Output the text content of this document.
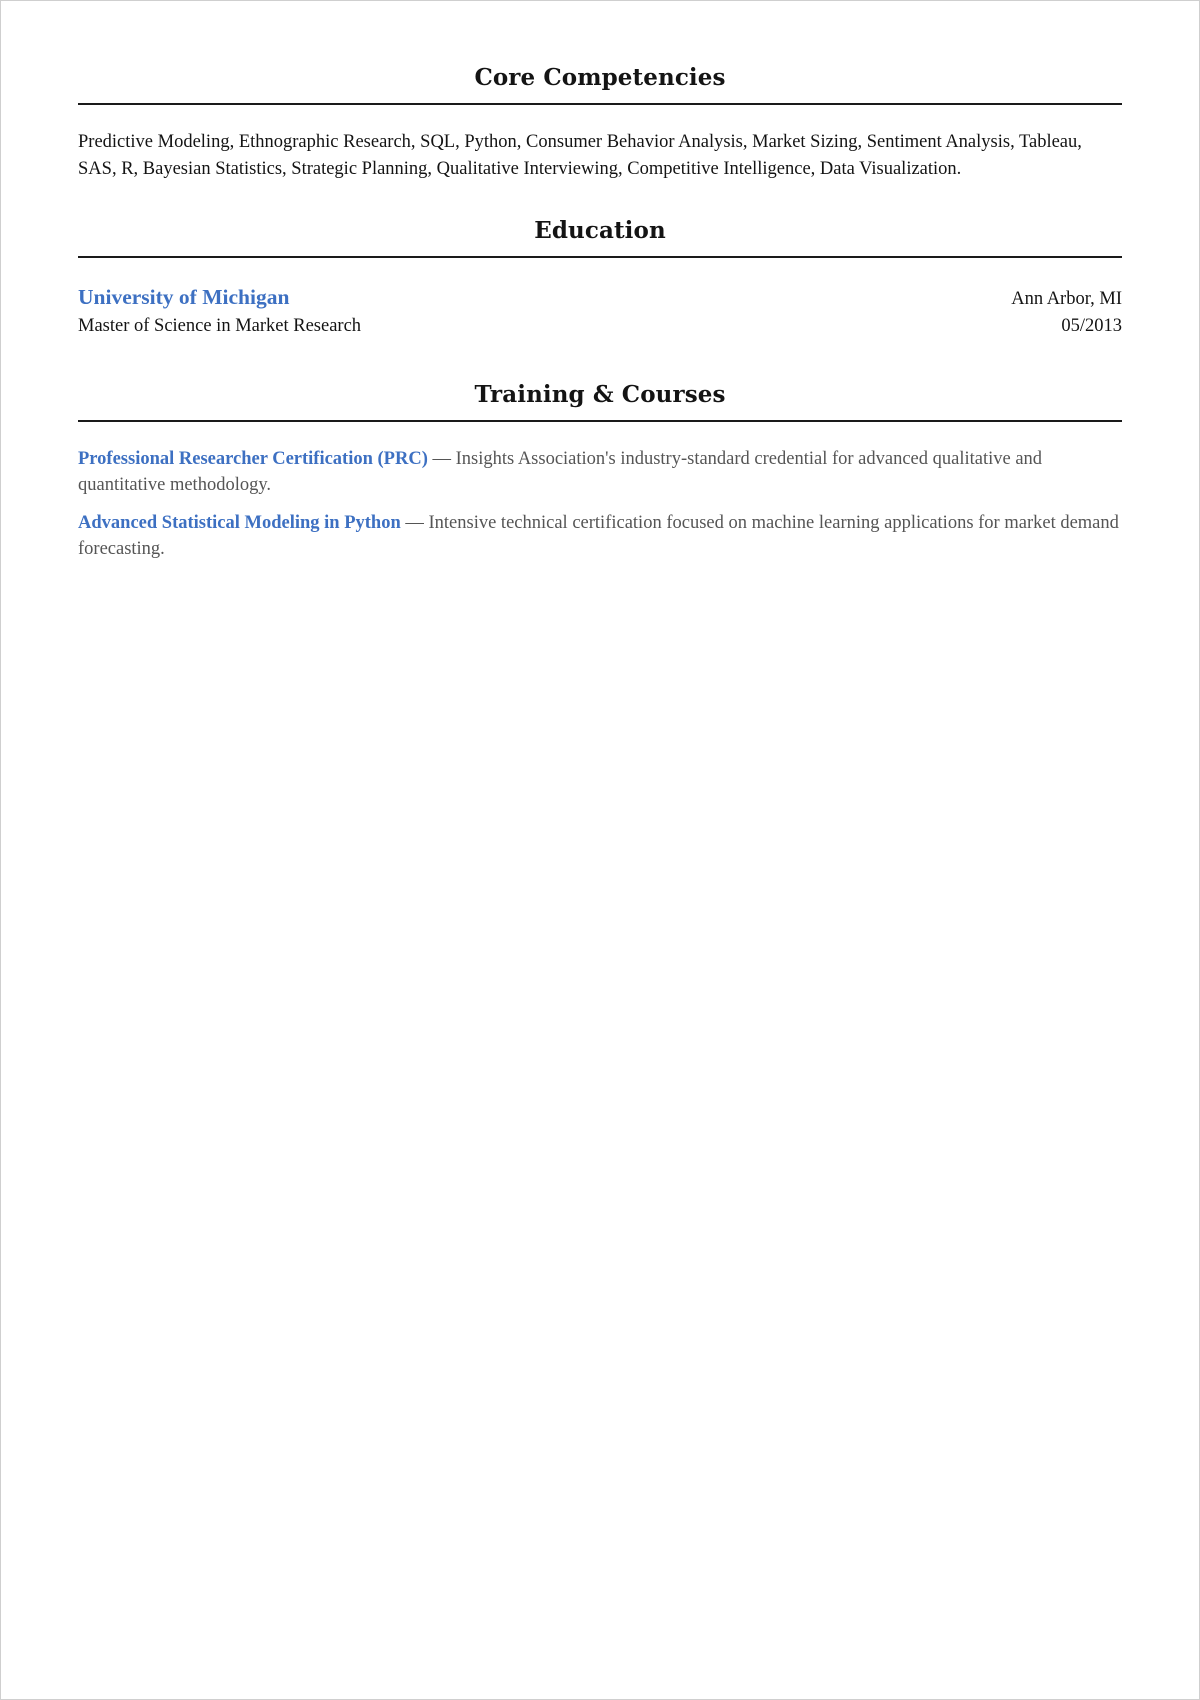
Core Competencies

Predictive Modeling, Ethnographic Research, SQL, Python, Consumer Behavior Analysis, Market Sizing, Sentiment Analysis, Tableau, SAS, R, Bayesian Statistics, Strategic Planning, Qualitative Interviewing, Competitive Intelligence, Data Visualization.

Education
University of Michigan	Ann Arbor, MI
Master of Science in Market Research	05/2013
Training & Courses

Professional Researcher Certification (PRC) — Insights Association's industry-standard credential for advanced qualitative and quantitative methodology.

Advanced Statistical Modeling in Python — Intensive technical certification focused on machine learning applications for market demand forecasting.
